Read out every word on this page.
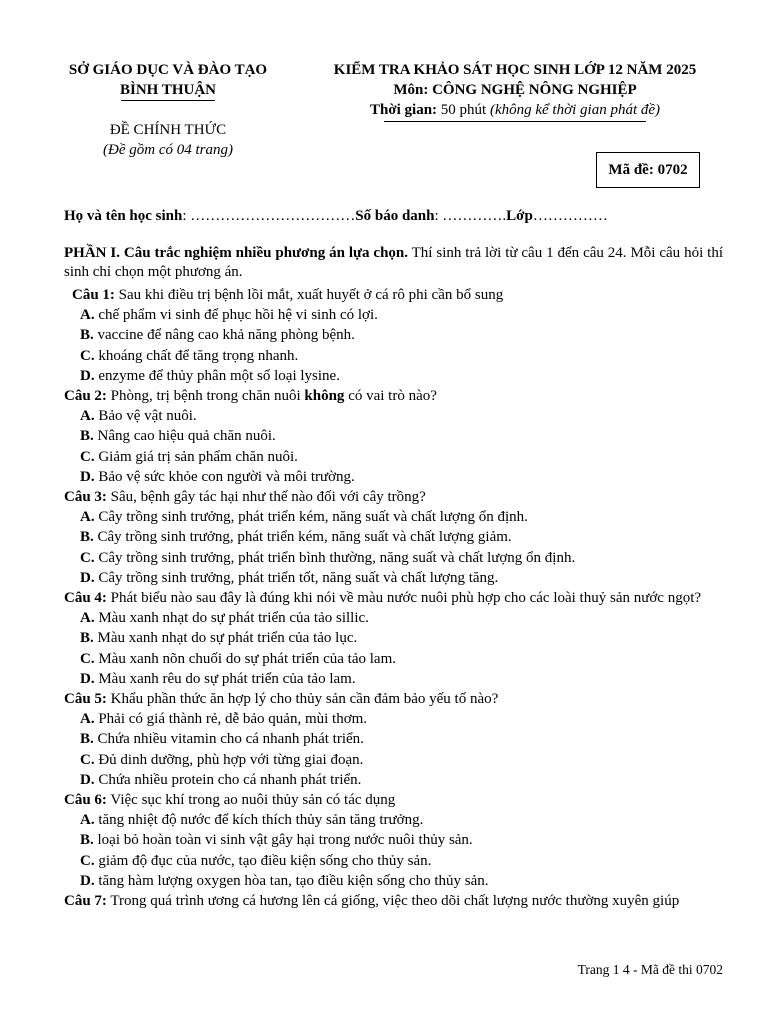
SỞ GIÁO DỤC VÀ ĐÀO TẠO
BÌNH THUẬN
ĐỀ CHÍNH THỨC
(Đề gồm có 04 trang)
KIỂM TRA KHẢO SÁT HỌC SINH LỚP 12 NĂM 2025
Môn: CÔNG NGHỆ NÔNG NGHIỆP
Thời gian: 50 phút (không kể thời gian phát đề)
Mã đề: 0702
Họ và tên học sinh: ……………………………Số báo danh: ………….Lớp……………
PHẦN I. Câu trắc nghiệm nhiều phương án lựa chọn. Thí sinh trả lời từ câu 1 đến câu 24. Mỗi câu hỏi thí sinh chỉ chọn một phương án.
Câu 1: Sau khi điều trị bệnh lồi mắt, xuất huyết ở cá rô phi cần bổ sung
A. chế phẩm vi sinh để phục hồi hệ vi sinh có lợi.
B. vaccine để nâng cao khả năng phòng bệnh.
C. khoáng chất để tăng trọng nhanh.
D. enzyme để thủy phân một số loại lysine.
Câu 2: Phòng, trị bệnh trong chăn nuôi không có vai trò nào?
A. Bảo vệ vật nuôi.
B. Nâng cao hiệu quả chăn nuôi.
C. Giảm giá trị sản phẩm chăn nuôi.
D. Bảo vệ sức khỏe con người và môi trường.
Câu 3: Sâu, bệnh gây tác hại như thế nào đối với cây trồng?
A. Cây trồng sinh trưởng, phát triển kém, năng suất và chất lượng ổn định.
B. Cây trồng sinh trưởng, phát triển kém, năng suất và chất lượng giảm.
C. Cây trồng sinh trưởng, phát triển bình thường, năng suất và chất lượng ổn định.
D. Cây trồng sinh trưởng, phát triển tốt, năng suất và chất lượng tăng.
Câu 4: Phát biểu nào sau đây là đúng khi nói về màu nước nuôi phù hợp cho các loài thuỷ sản nước ngọt?
A. Màu xanh nhạt do sự phát triển của tảo sillic.
B. Màu xanh nhạt do sự phát triển của tảo lục.
C. Màu xanh nõn chuối do sự phát triển của tảo lam.
D. Màu xanh rêu do sự phát triển của tảo lam.
Câu 5: Khẩu phần thức ăn hợp lý cho thủy sản cần đảm bảo yếu tố nào?
A. Phải có giá thành rẻ, dễ bảo quản, mùi thơm.
B. Chứa nhiều vitamin cho cá nhanh phát triển.
C. Đủ dinh dưỡng, phù hợp với từng giai đoạn.
D. Chứa nhiều protein cho cá nhanh phát triển.
Câu 6: Việc sục khí trong ao nuôi thủy sản có tác dụng
A. tăng nhiệt độ nước để kích thích thủy sản tăng trưởng.
B. loại bỏ hoàn toàn vi sinh vật gây hại trong nước nuôi thủy sản.
C. giảm độ đục của nước, tạo điều kiện sống cho thủy sản.
D. tăng hàm lượng oxygen hòa tan, tạo điều kiện sống cho thủy sản.
Câu 7: Trong quá trình ương cá hương lên cá giống, việc theo dõi chất lượng nước thường xuyên giúp
Trang 1 4 - Mã đề thi 0702
